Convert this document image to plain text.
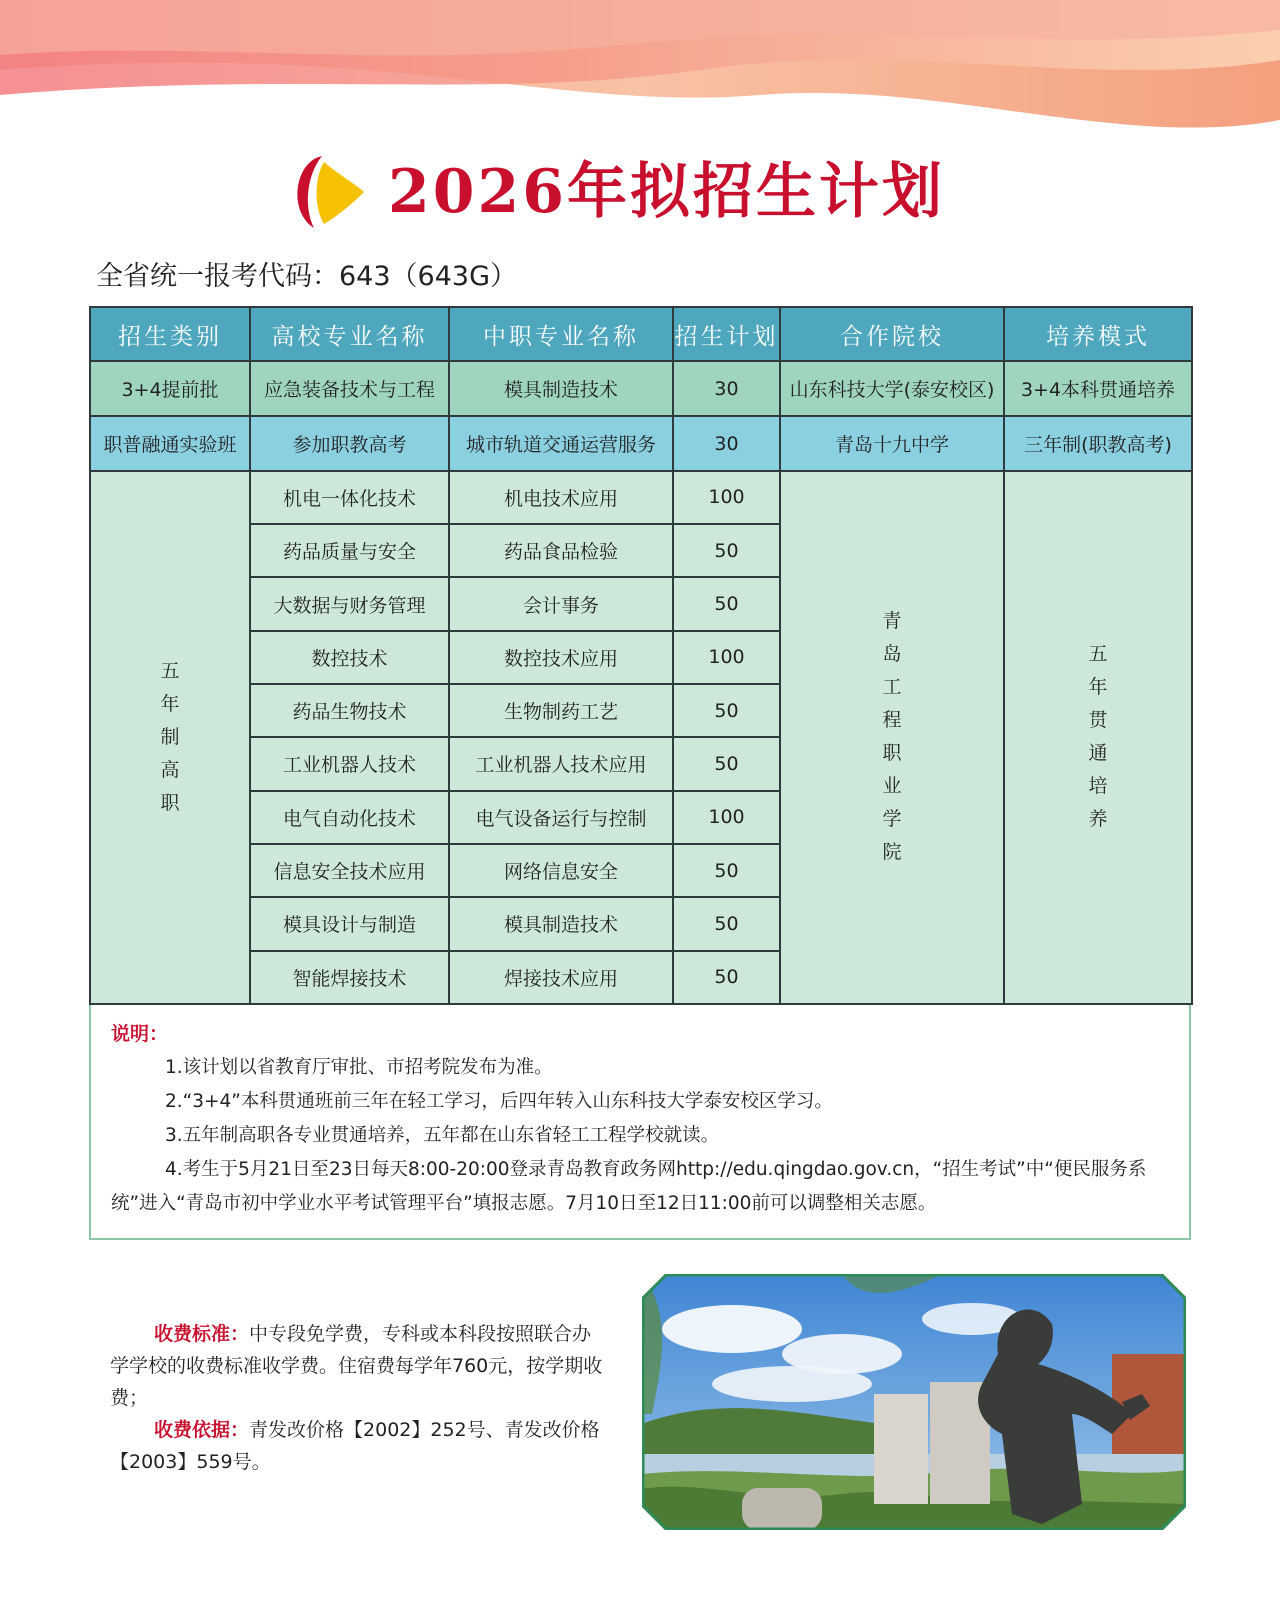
2026年拟招生计划
全省统一报考代码：643（643G）
招生类别	高校专业名称	中职专业名称	招生计划	合作院校	培养模式
3+4提前批	应急装备技术与工程	模具制造技术	30	山东科技大学(泰安校区)	3+4本科贯通培养
职普融通实验班	参加职教高考	城市轨道交通运营服务	30	青岛十九中学	三年制(职教高考)
五年制高职	机电一体化技术	机电技术应用	100	青岛工程职业学院	五年贯通培养
	药品质量与安全	药品食品检验	50		
	大数据与财务管理	会计事务	50		
	数控技术	数控技术应用	100		
	药品生物技术	生物制药工艺	50		
	工业机器人技术	工业机器人技术应用	50		
	电气自动化技术	电气设备运行与控制	100		
	信息安全技术应用	网络信息安全	50		
	模具设计与制造	模具制造技术	50		
	智能焊接技术	焊接技术应用	50		
说明：

1.该计划以省教育厅审批、市招考院发布为准。

2.“3+4”本科贯通班前三年在轻工学习，后四年转入山东科技大学泰安校区学习。

3.五年制高职各专业贯通培养，五年都在山东省轻工工程学校就读。

4.考生于5月21日至23日每天8:00-20:00登录青岛教育政务网http://edu.qingdao.gov.cn，“招生考试”中“便民服务系统”进入“青岛市初中学业水平考试管理平台”填报志愿。7月10日至12日11:00前可以调整相关志愿。

收费标准：中专段免学费，专科或本科段按照联合办学学校的收费标准收学费。住宿费每学年760元，按学期收费；

收费依据：青发改价格【2002】252号、青发改价格【2003】559号。
